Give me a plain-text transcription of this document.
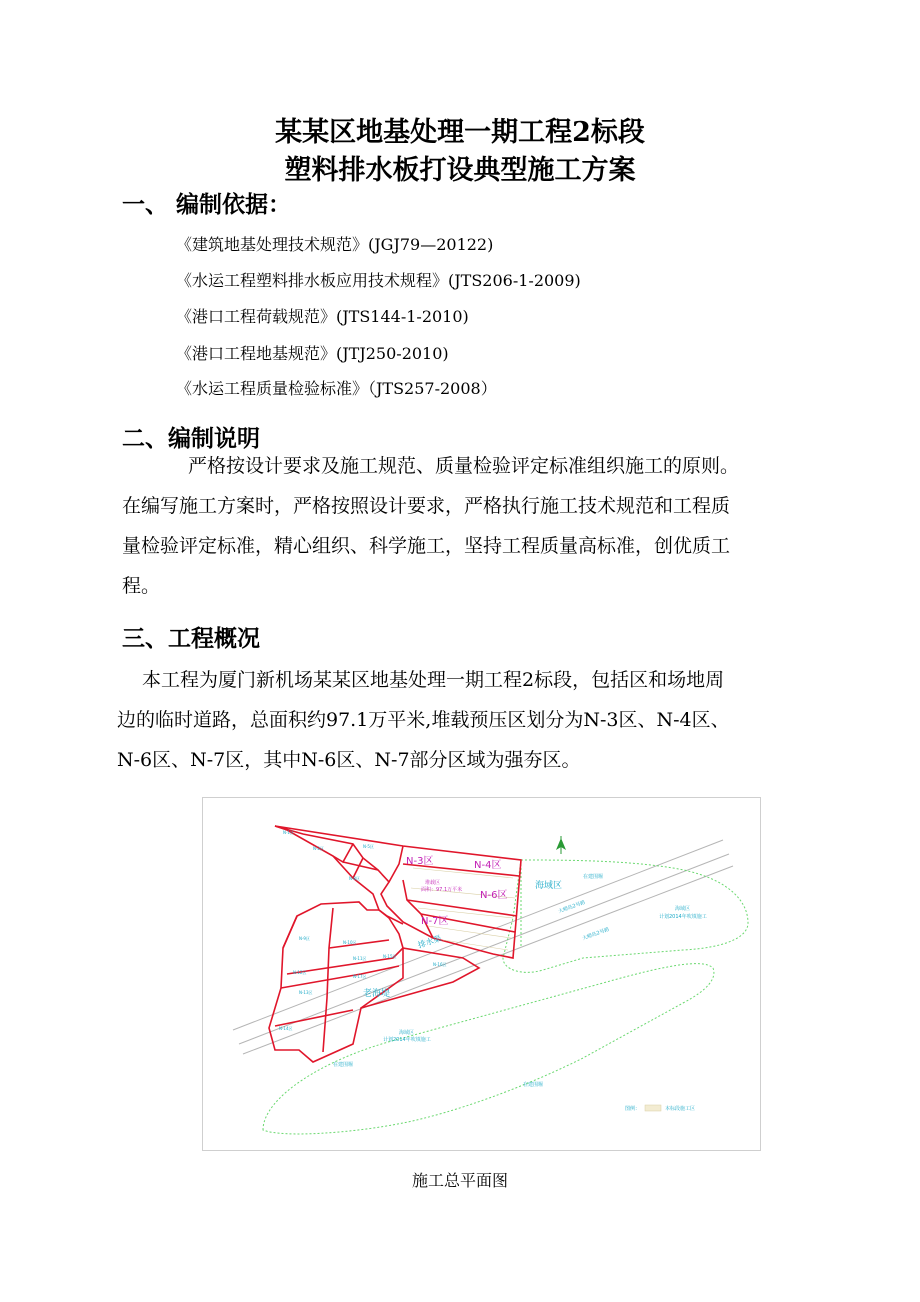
某某区地基处理一期工程2标段
塑料排水板打设典型施工方案
一、 编制依据：
《建筑地基处理技术规范》(JGJ79—20122)
《水运工程塑料排水板应用技术规程》(JTS206-1-2009)
《港口工程荷载规范》(JTS144-1-2010)
《港口工程地基规范》(JTJ250-2010)
《水运工程质量检验标准》（JTS257-2008）
二、编制说明
严格按设计要求及施工规范、质量检验评定标准组织施工的原则。
在编写施工方案时，严格按照设计要求，严格执行施工技术规范和工程质
量检验评定标准，精心组织、科学施工，坚持工程质量高标准，创优质工
程。
三、工程概况
本工程为厦门新机场某某区地基处理一期工程2标段，包括区和场地周
边的临时道路，总面积约97.1万平米,堆载预压区划分为N-3区、N-4区、
N-6区、N-7区，其中N-6区、N-7部分区域为强夯区。
N-3区	N-4区
N-6区
N-7区
堆载区
面积：97.1万平米	海域区
老海堤
排水渠
海域区
计划2014年吹填施工
海域区
计划2014年吹填施工
在建围堰
在建围堰
在建围堰
大嶝岛2号路
大嶝岛2号路
N-1区
N-2区	N-5区
N-8区
N-9区
N-10区
N-11区
N-12区
N-13区
N-14区
N-15区
N-16区
N-17区
图例：	本标段施工区
施工总平面图
